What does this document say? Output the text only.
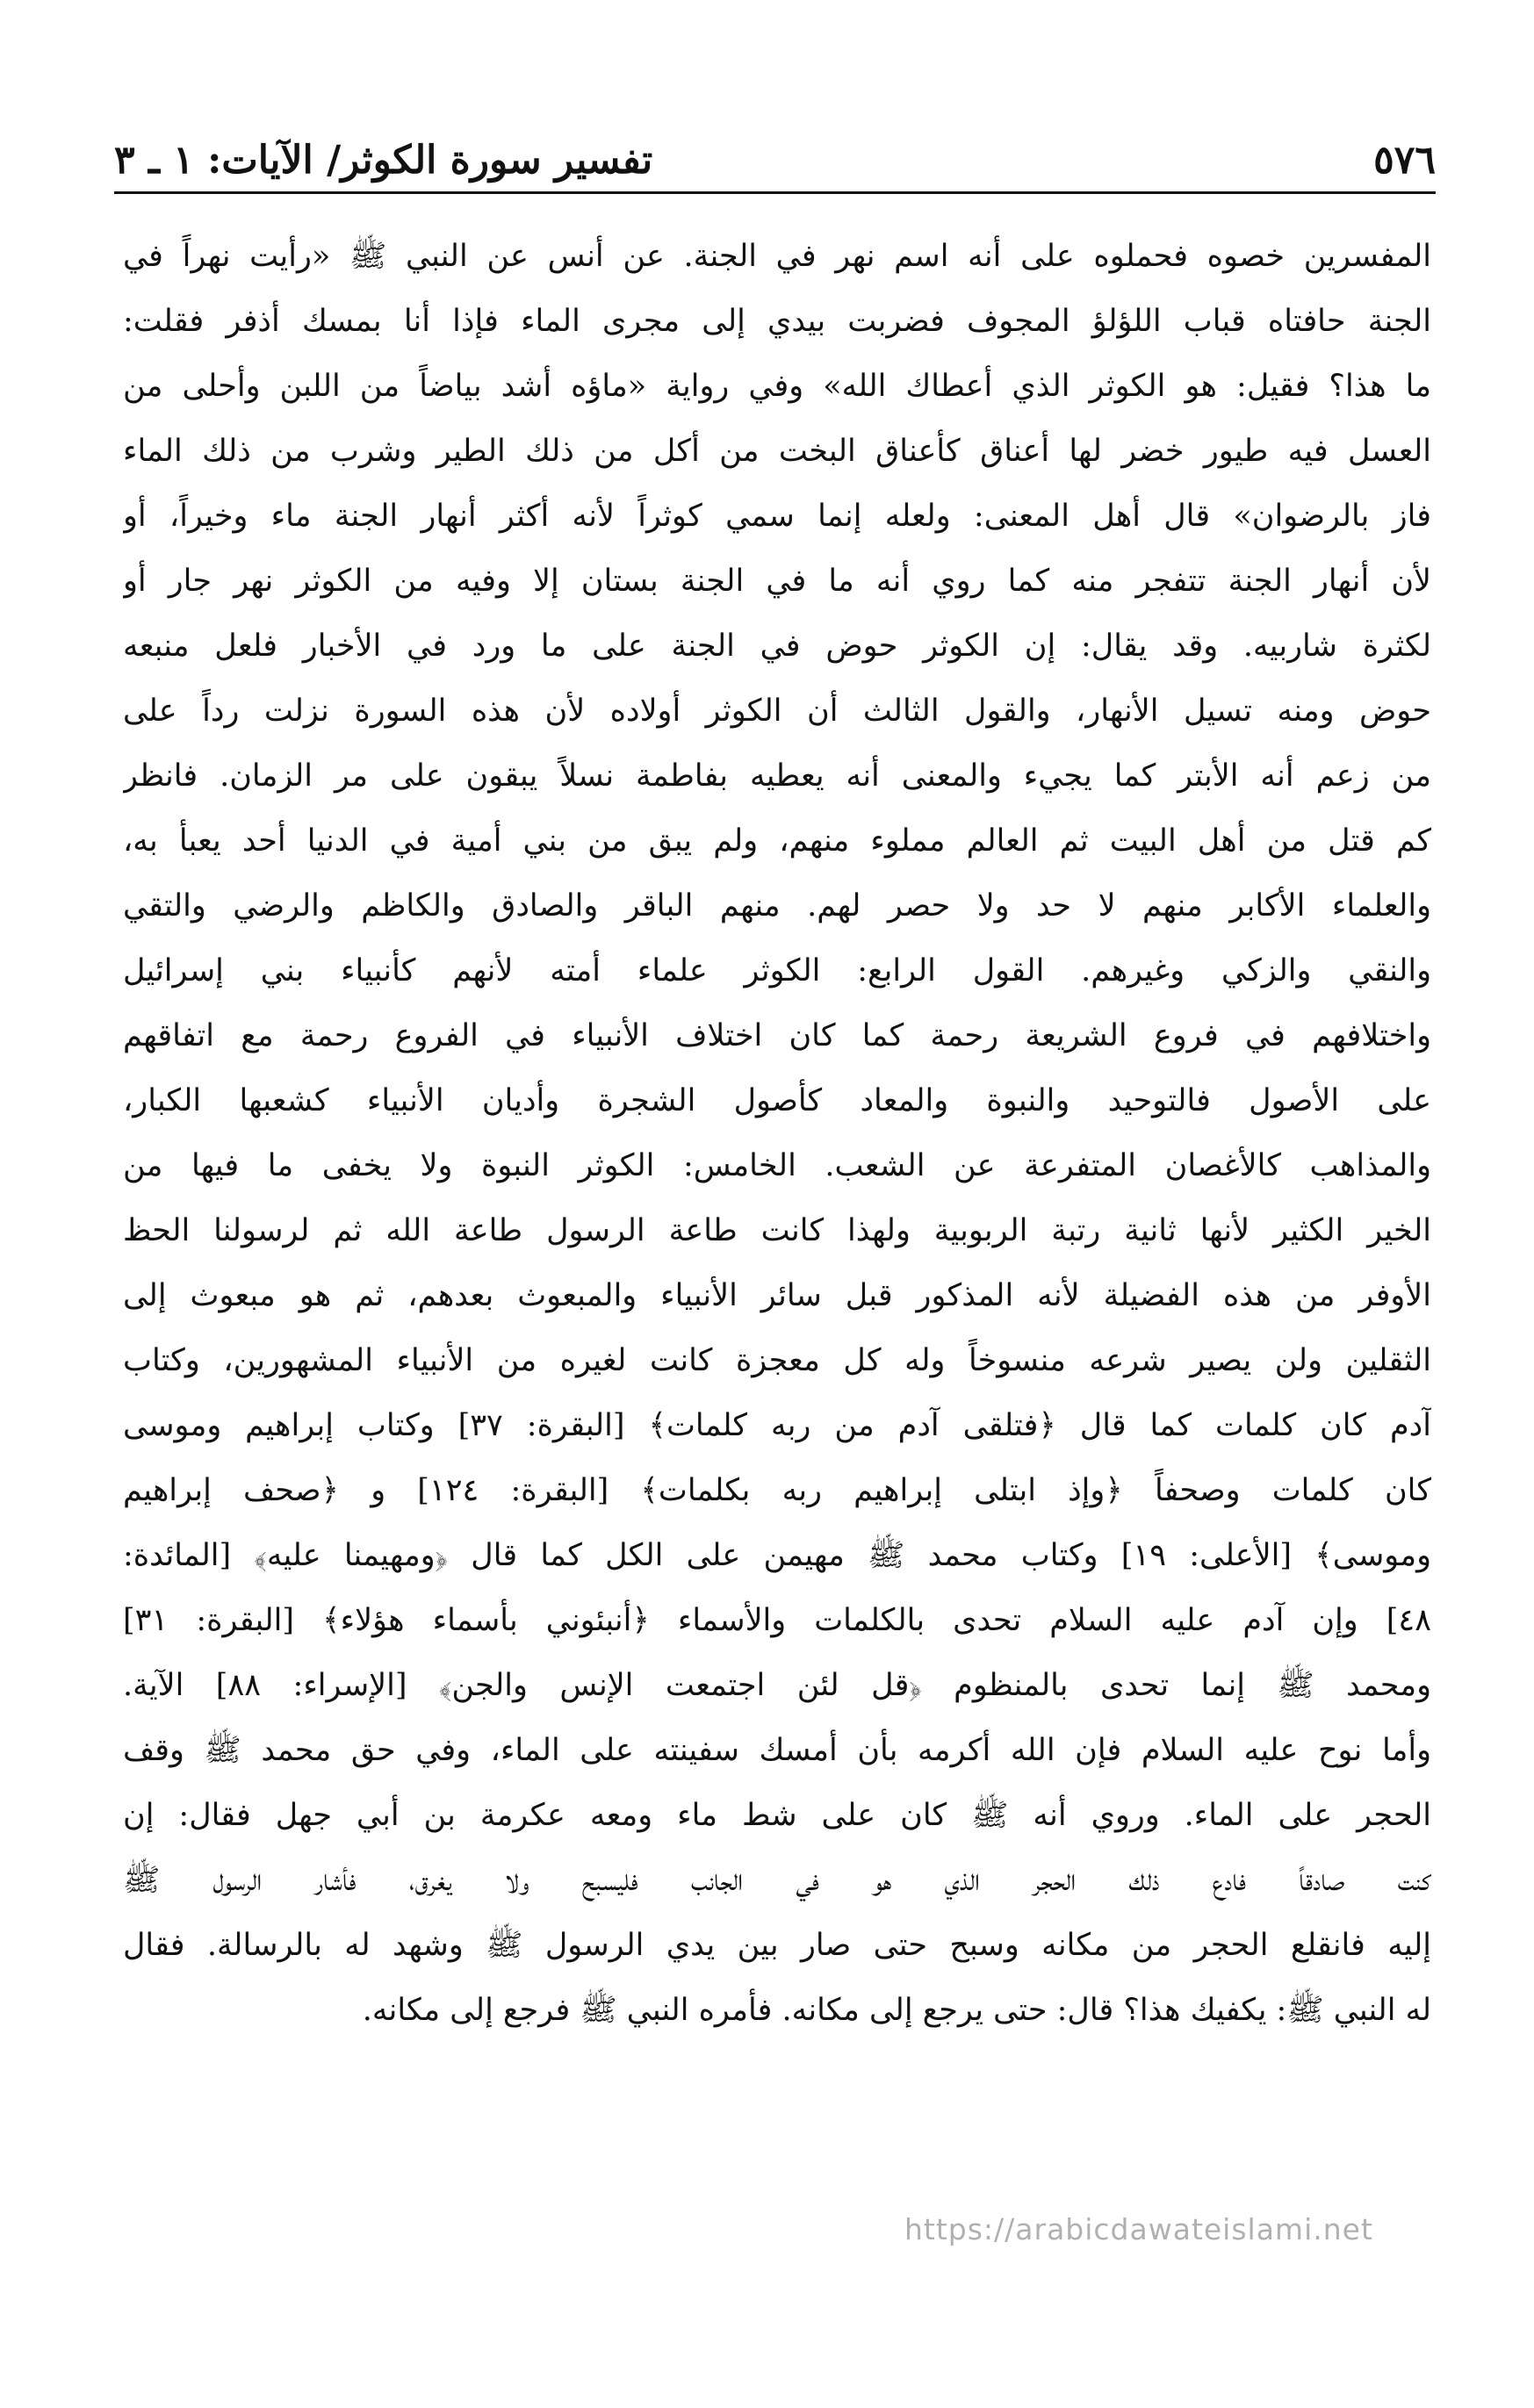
٥٧٦
تفسير سورة الكوثر/ الآيات: ١ ـ ٣
المفسرين خصوه فحملوه على أنه اسم نهر في الجنة. عن أنس عن النبي ﷺ «رأيت نهراً في
الجنة حافتاه قباب اللؤلؤ المجوف فضربت بيدي إلى مجرى الماء فإذا أنا بمسك أذفر فقلت:
ما هذا؟ فقيل: هو الكوثر الذي أعطاك الله» وفي رواية «ماؤه أشد بياضاً من اللبن وأحلى من
العسل فيه طيور خضر لها أعناق كأعناق البخت من أكل من ذلك الطير وشرب من ذلك الماء
فاز بالرضوان» قال أهل المعنى: ولعله إنما سمي كوثراً لأنه أكثر أنهار الجنة ماء وخيراً، أو
لأن أنهار الجنة تتفجر منه كما روي أنه ما في الجنة بستان إلا وفيه من الكوثر نهر جار أو
لكثرة شاربيه. وقد يقال: إن الكوثر حوض في الجنة على ما ورد في الأخبار فلعل منبعه
حوض ومنه تسيل الأنهار، والقول الثالث أن الكوثر أولاده لأن هذه السورة نزلت رداً على
من زعم أنه الأبتر كما يجيء والمعنى أنه يعطيه بفاطمة نسلاً يبقون على مر الزمان. فانظر
كم قتل من أهل البيت ثم العالم مملوء منهم، ولم يبق من بني أمية في الدنيا أحد يعبأ به،
والعلماء الأكابر منهم لا حد ولا حصر لهم. منهم الباقر والصادق والكاظم والرضي والتقي
والنقي والزكي وغيرهم. القول الرابع: الكوثر علماء أمته لأنهم كأنبياء بني إسرائيل
واختلافهم في فروع الشريعة رحمة كما كان اختلاف الأنبياء في الفروع رحمة مع اتفاقهم
على الأصول فالتوحيد والنبوة والمعاد كأصول الشجرة وأديان الأنبياء كشعبها الكبار،
والمذاهب كالأغصان المتفرعة عن الشعب. الخامس: الكوثر النبوة ولا يخفى ما فيها من
الخير الكثير لأنها ثانية رتبة الربوبية ولهذا كانت طاعة الرسول طاعة الله ثم لرسولنا الحظ
الأوفر من هذه الفضيلة لأنه المذكور قبل سائر الأنبياء والمبعوث بعدهم، ثم هو مبعوث إلى
الثقلين ولن يصير شرعه منسوخاً وله كل معجزة كانت لغيره من الأنبياء المشهورين، وكتاب
آدم كان كلمات كما قال ﴿فتلقى آدم من ربه كلمات﴾ [البقرة: ٣٧] وكتاب إبراهيم وموسى
كان كلمات وصحفاً ﴿وإذ ابتلى إبراهيم ربه بكلمات﴾ [البقرة: ١٢٤] و ﴿صحف إبراهيم
وموسى﴾ [الأعلى: ١٩] وكتاب محمد ﷺ مهيمن على الكل كما قال ﴿ومهيمنا عليه﴾ [المائدة:
٤٨] وإن آدم عليه السلام تحدى بالكلمات والأسماء ﴿أنبئوني بأسماء هؤلاء﴾ [البقرة: ٣١]
ومحمد ﷺ إنما تحدى بالمنظوم ﴿قل لئن اجتمعت الإنس والجن﴾ [الإسراء: ٨٨] الآية.
وأما نوح عليه السلام فإن الله أكرمه بأن أمسك سفينته على الماء، وفي حق محمد ﷺ وقف
الحجر على الماء. وروي أنه ﷺ كان على شط ماء ومعه عكرمة بن أبي جهل فقال: إن
كنت صادقاً فادع ذلك الحجر الذي هو في الجانب فليسبح ولا يغرق، فأشار الرسول ﷺ
إليه فانقلع الحجر من مكانه وسبح حتى صار بين يدي الرسول ﷺ وشهد له بالرسالة. فقال
له النبي ﷺ: يكفيك هذا؟ قال: حتى يرجع إلى مكانه. فأمره النبي ﷺ فرجع إلى مكانه.
https://arabicdawateislami.net
